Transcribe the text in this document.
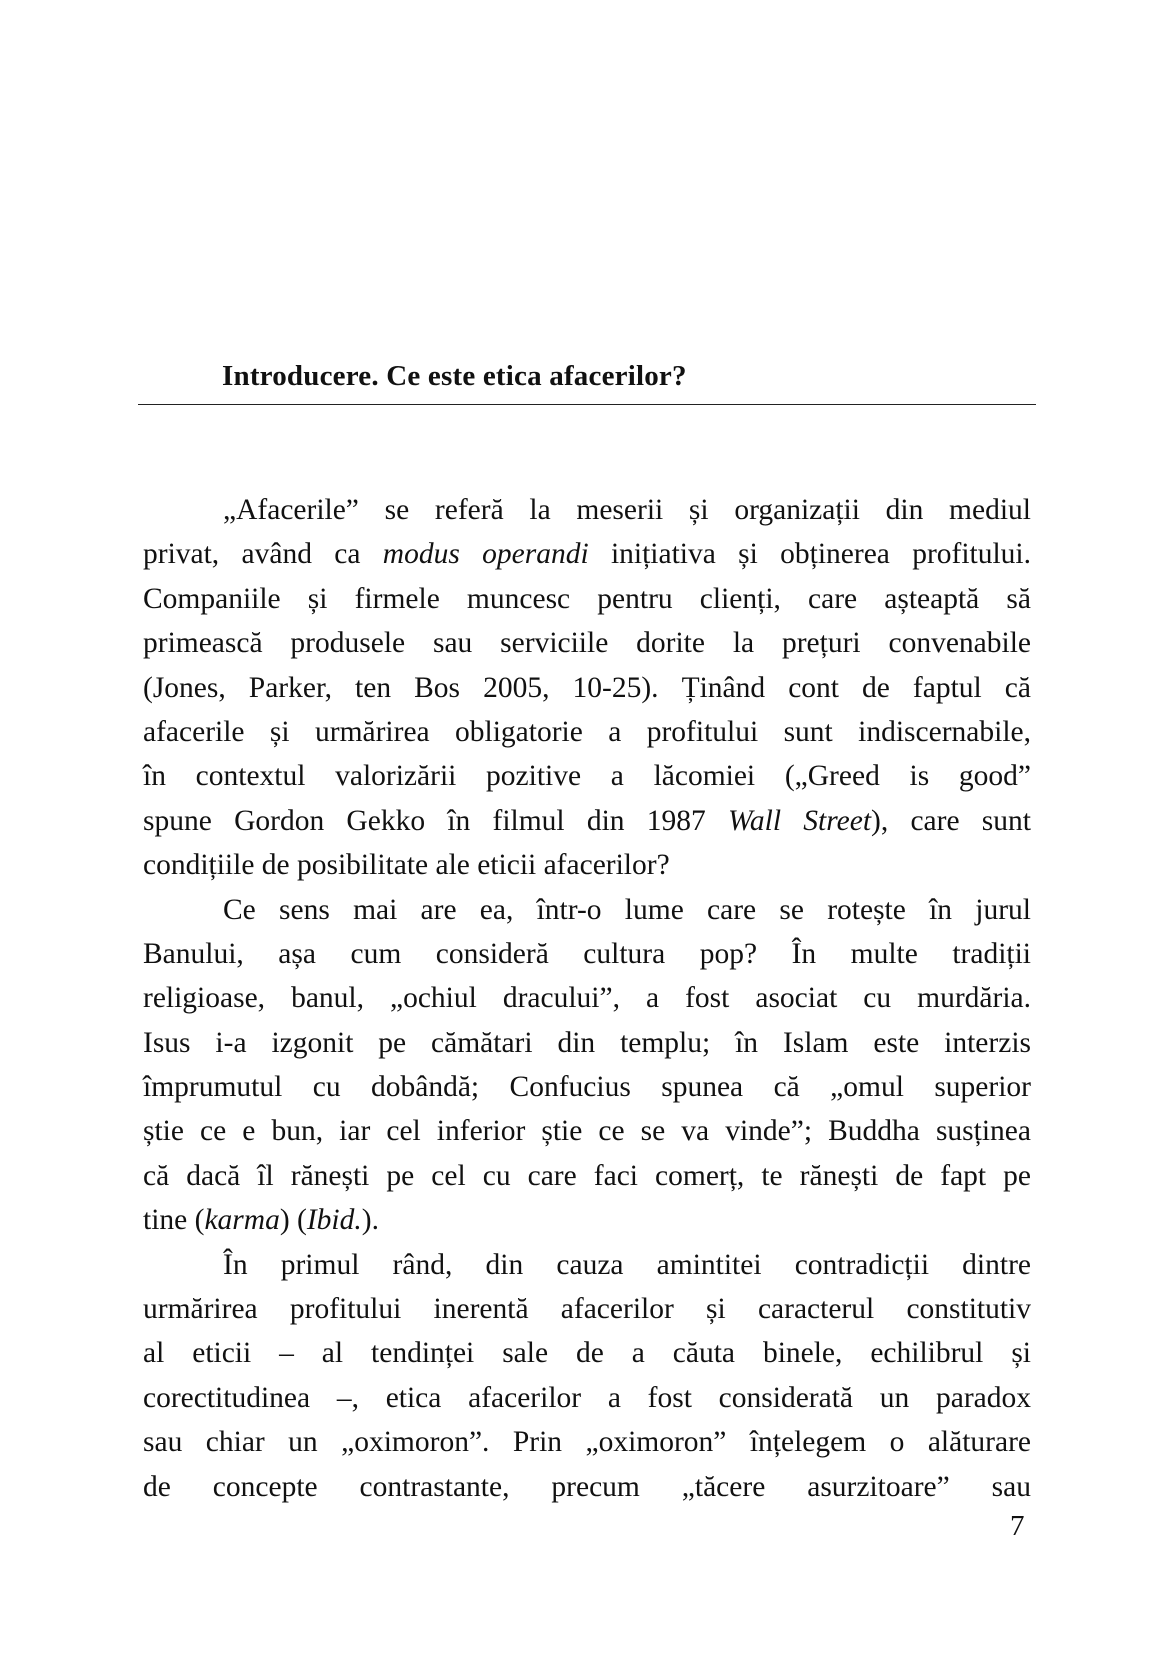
Introducere. Ce este etica afacerilor?
„Afacerile” se referă la meserii și organizații din mediul
privat, având ca modus operandi inițiativa și obținerea profitului.
Companiile și firmele muncesc pentru clienți, care așteaptă să
primească produsele sau serviciile dorite la prețuri convenabile
(Jones, Parker, ten Bos 2005, 10-25). Ținând cont de faptul că
afacerile și urmărirea obligatorie a profitului sunt indiscernabile,
în contextul valorizării pozitive a lăcomiei („Greed is good”
spune Gordon Gekko în filmul din 1987 Wall Street), care sunt
condițiile de posibilitate ale eticii afacerilor?
Ce sens mai are ea, într-o lume care se rotește în jurul
Banului, așa cum consideră cultura pop? În multe tradiții
religioase, banul, „ochiul dracului”, a fost asociat cu murdăria.
Isus i-a izgonit pe cămătari din templu; în Islam este interzis
împrumutul cu dobândă; Confucius spunea că „omul superior
știe ce e bun, iar cel inferior știe ce se va vinde”; Buddha susținea
că dacă îl rănești pe cel cu care faci comerț, te rănești de fapt pe
tine (karma) (Ibid.).
În primul rând, din cauza amintitei contradicții dintre
urmărirea profitului inerentă afacerilor și caracterul constitutiv
al eticii – al tendinței sale de a căuta binele, echilibrul și
corectitudinea –, etica afacerilor a fost considerată un paradox
sau chiar un „oximoron”. Prin „oximoron” înțelegem o alăturare
de concepte contrastante, precum „tăcere asurzitoare” sau
7
